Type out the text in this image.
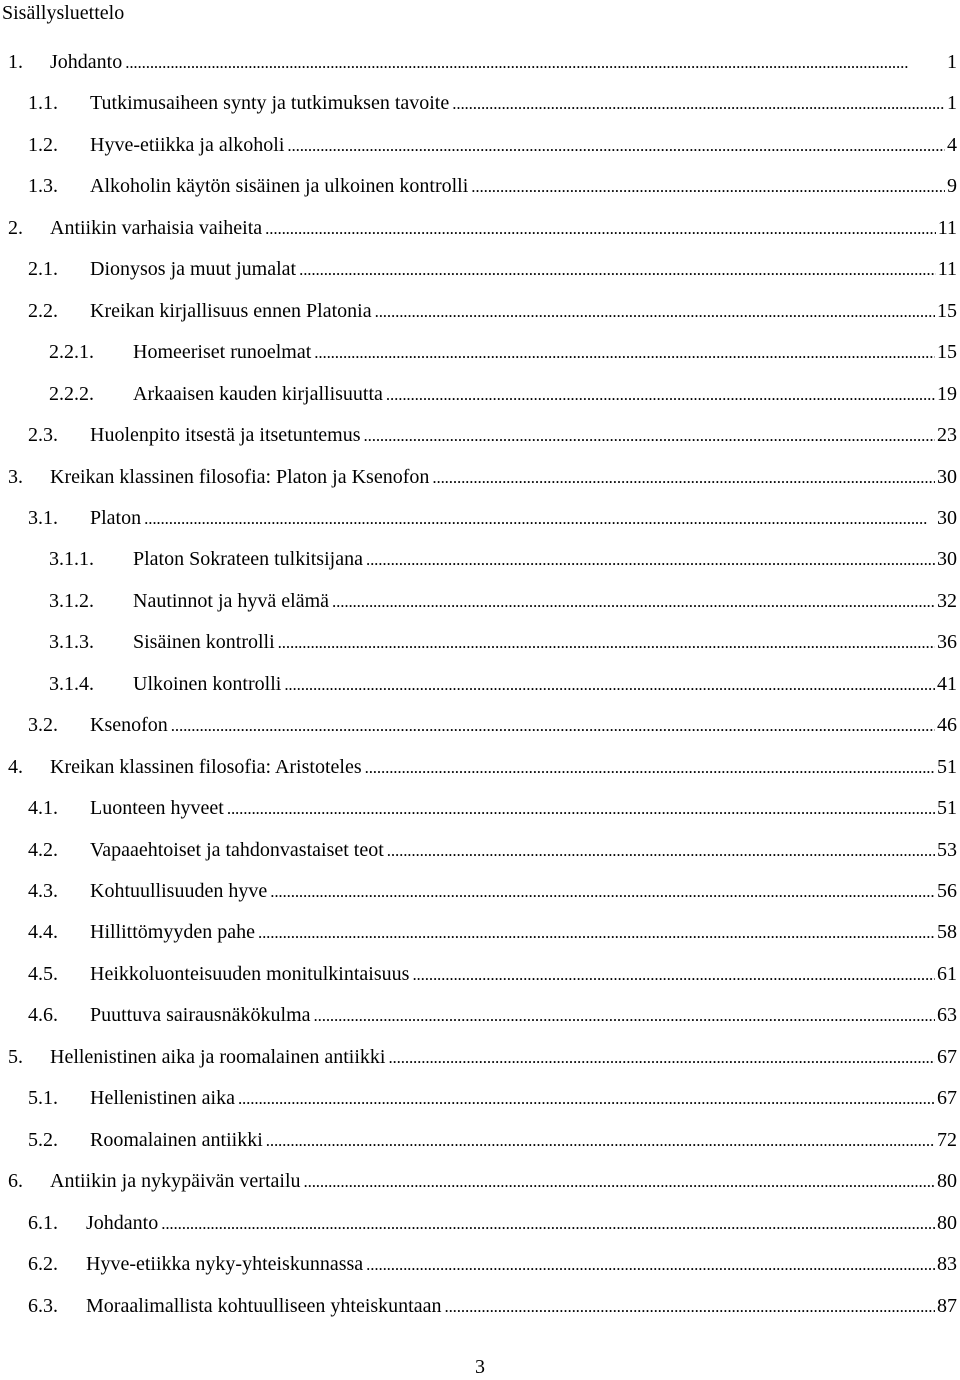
Sisällysluettelo
1.	Johdanto . . .	1
1.1.	Tutkimusaiheen synty ja tutkimuksen tavoite . . .	1
1.2.	Hyve-etiikka ja alkoholi . . .	4
1.3.	Alkoholin käytön sisäinen ja ulkoinen kontrolli . . .	9
2.	Antiikin varhaisia vaiheita . . .	11
2.1.	Dionysos ja muut jumalat . . .	11
2.2.	Kreikan kirjallisuus ennen Platonia . . .	15
2.2.1.	Homeeriset runoelmat . . .	15
2.2.2.	Arkaaisen kauden kirjallisuutta . . .	19
2.3.	Huolenpito itsestä ja itsetuntemus . . .	23
3.	Kreikan klassinen filosofia: Platon ja Ksenofon . . .	30
3.1.	Platon . . .	30
3.1.1.	Platon Sokrateen tulkitsijana . . .	30
3.1.2.	Nautinnot ja hyvä elämä . . .	32
3.1.3.	Sisäinen kontrolli . . .	36
3.1.4.	Ulkoinen kontrolli . . .	41
3.2.	Ksenofon . . .	46
4.	Kreikan klassinen filosofia: Aristoteles . . .	51
4.1.	Luonteen hyveet . . .	51
4.2.	Vapaaehtoiset ja tahdonvastaiset teot . . .	53
4.3.	Kohtuullisuuden hyve . . .	56
4.4.	Hillittömyyden pahe . . .	58
4.5.	Heikkoluonteisuuden monitulkintaisuus . . .	61
4.6.	Puuttuva sairausnäkökulma . . .	63
5.	Hellenistinen aika ja roomalainen antiikki . . .	67
5.1.	Hellenistinen aika . . .	67
5.2.	Roomalainen antiikki . . .	72
6.	Antiikin ja nykypäivän vertailu . . .	80
6.1.	Johdanto . . .	80
6.2.	Hyve-etiikka nyky-yhteiskunnassa . . .	83
6.3.	Moraalimallista kohtuulliseen yhteiskuntaan . . .	87
3
